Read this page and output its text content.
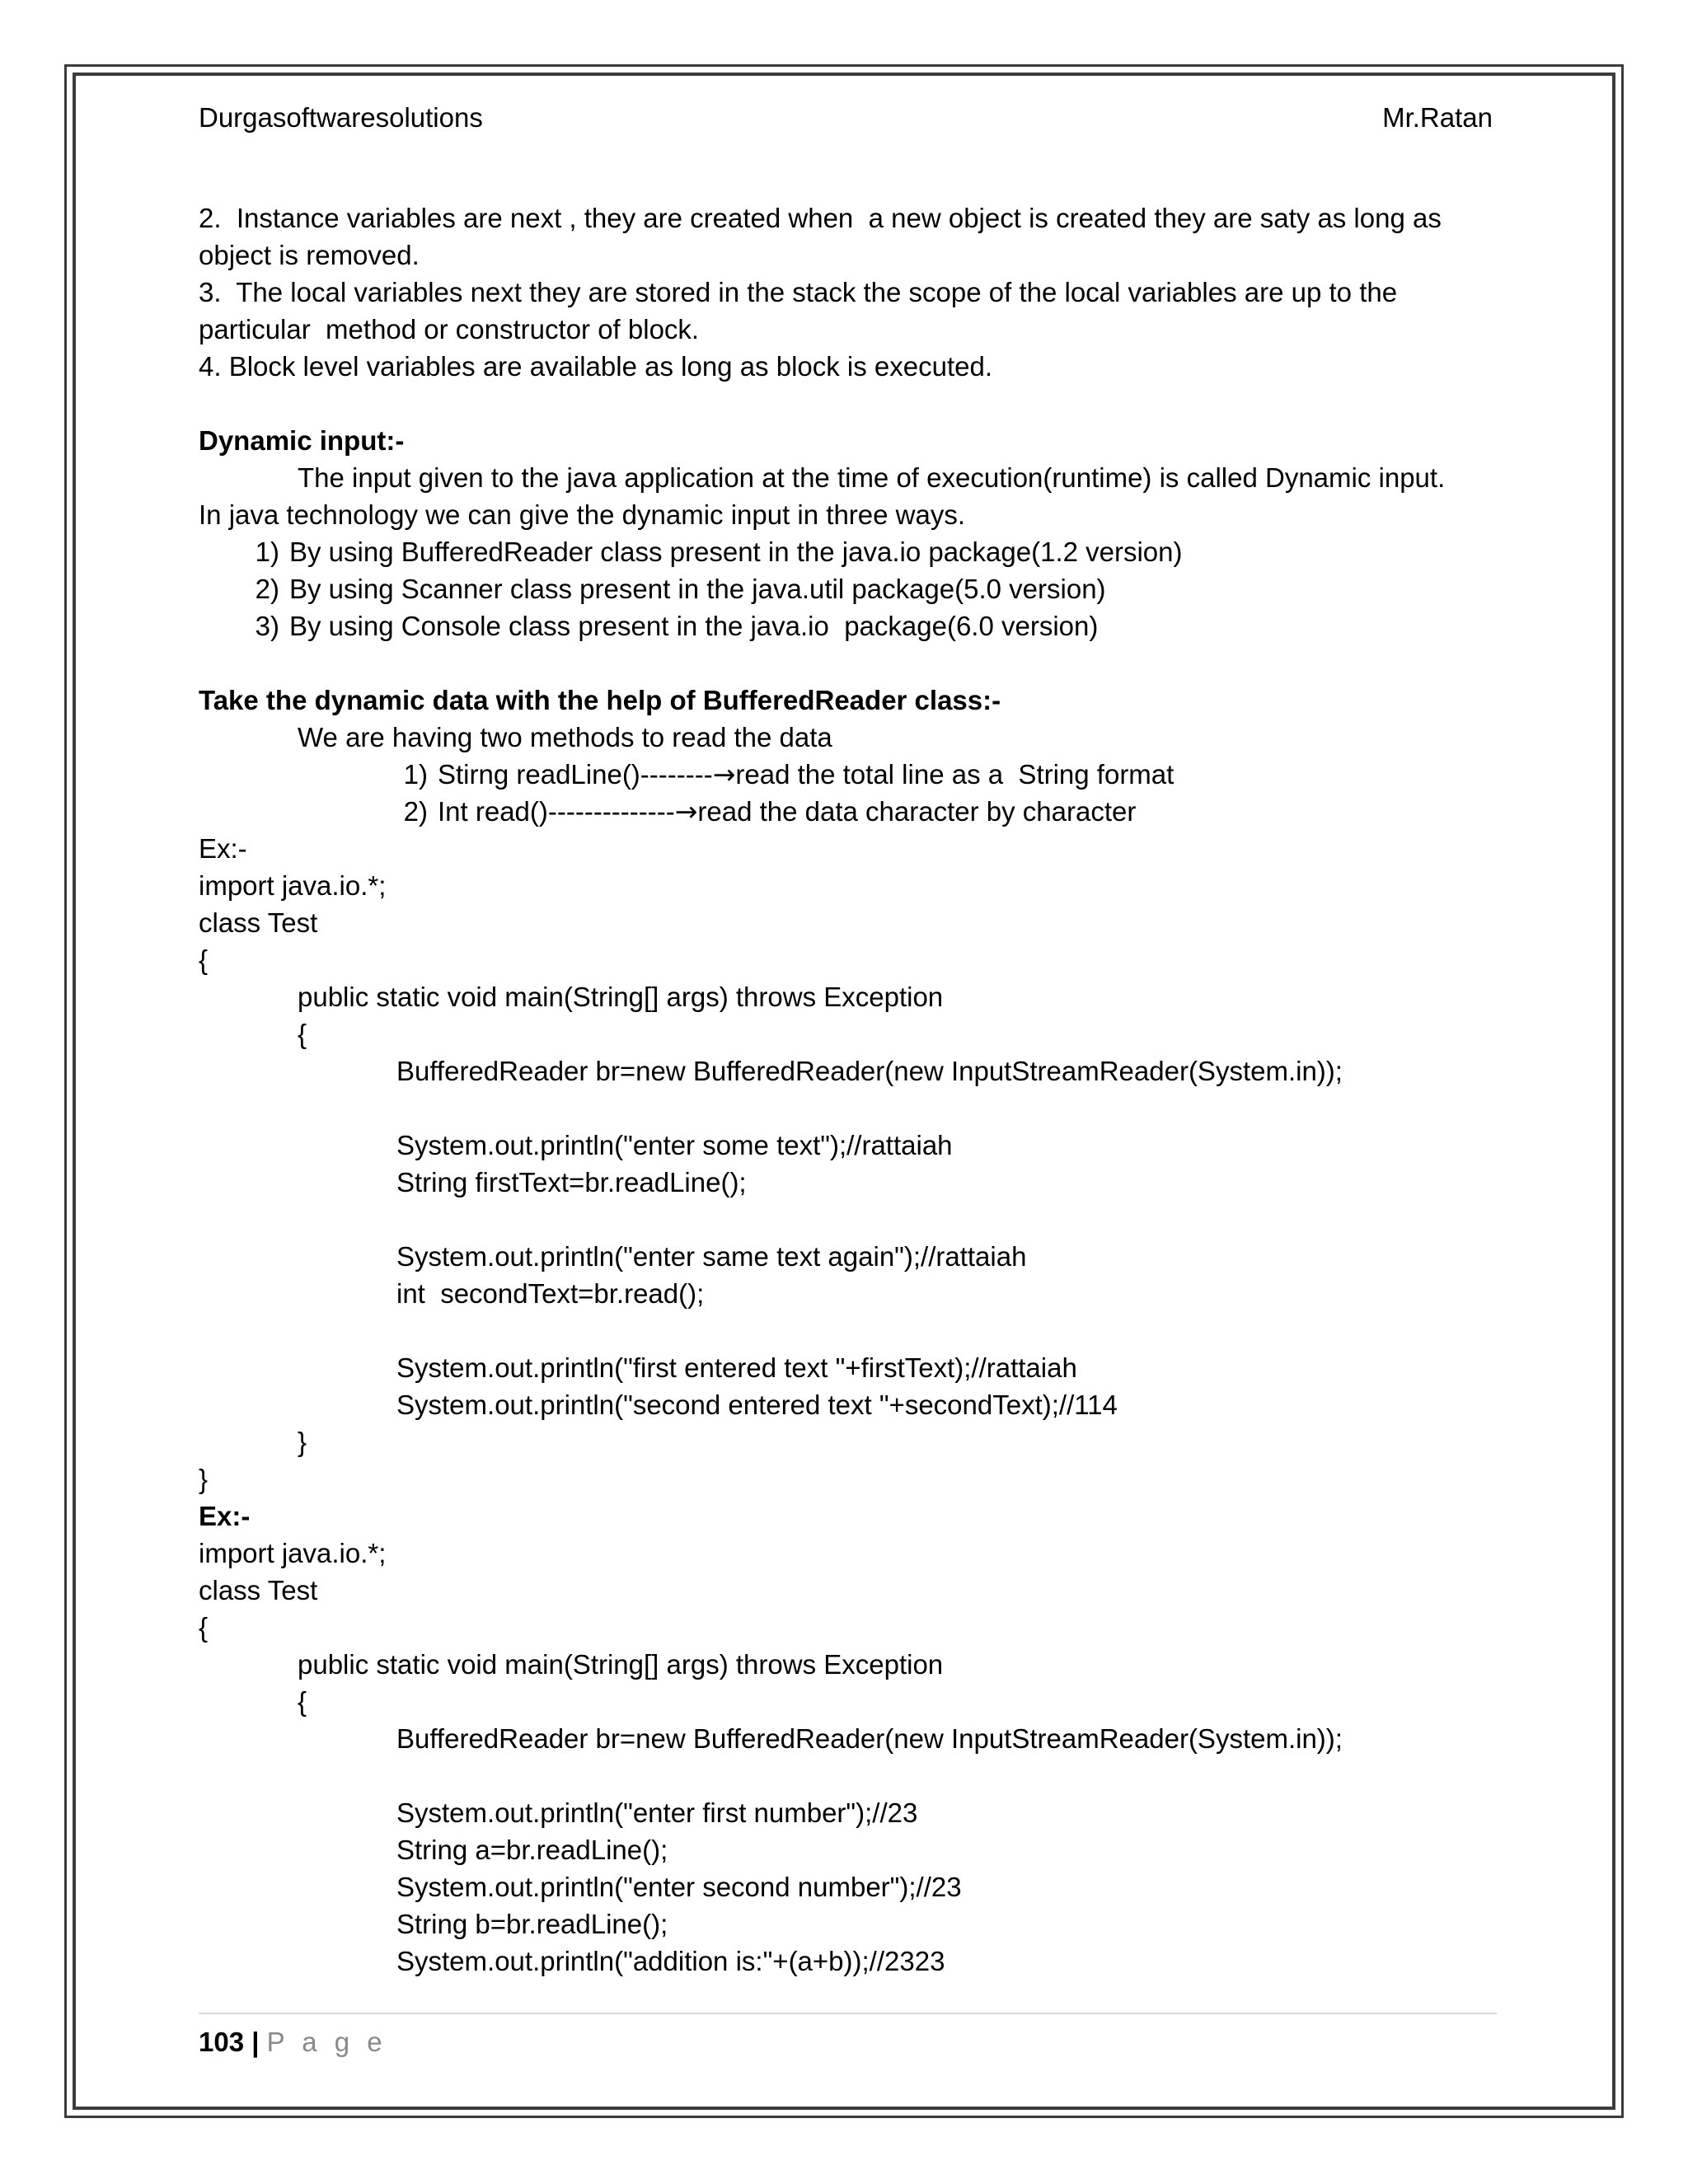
Durgasoftwaresolutions	Mr.Ratan
2.  Instance variables are next , they are created when  a new object is created they are saty as long as
object is removed.
3.  The local variables next they are stored in the stack the scope of the local variables are up to the
particular  method or constructor of block.
4. Block level variables are available as long as block is executed.
Dynamic input:-
The input given to the java application at the time of execution(runtime) is called Dynamic input.
In java technology we can give the dynamic input in three ways.
1) By using BufferedReader class present in the java.io package(1.2 version)
2) By using Scanner class present in the java.util package(5.0 version)
3) By using Console class present in the java.io  package(6.0 version)
Take the dynamic data with the help of BufferedReader class:-
We are having two methods to read the data
1) Stirng readLine()--------→read the total line as a  String format
2) Int read()--------------→read the data character by character
Ex:-
import java.io.*;
class Test
{
public static void main(String[] args) throws Exception
{
BufferedReader br=new BufferedReader(new InputStreamReader(System.in));
System.out.println("enter some text");//rattaiah
String firstText=br.readLine();
System.out.println("enter same text again");//rattaiah
int  secondText=br.read();
System.out.println("first entered text "+firstText);//rattaiah
System.out.println("second entered text "+secondText);//114
}
}
Ex:-
import java.io.*;
class Test
{
public static void main(String[] args) throws Exception
{
BufferedReader br=new BufferedReader(new InputStreamReader(System.in));
System.out.println("enter first number");//23
String a=br.readLine();
System.out.println("enter second number");//23
String b=br.readLine();
System.out.println("addition is:"+(a+b));//2323
103 | P a g e
